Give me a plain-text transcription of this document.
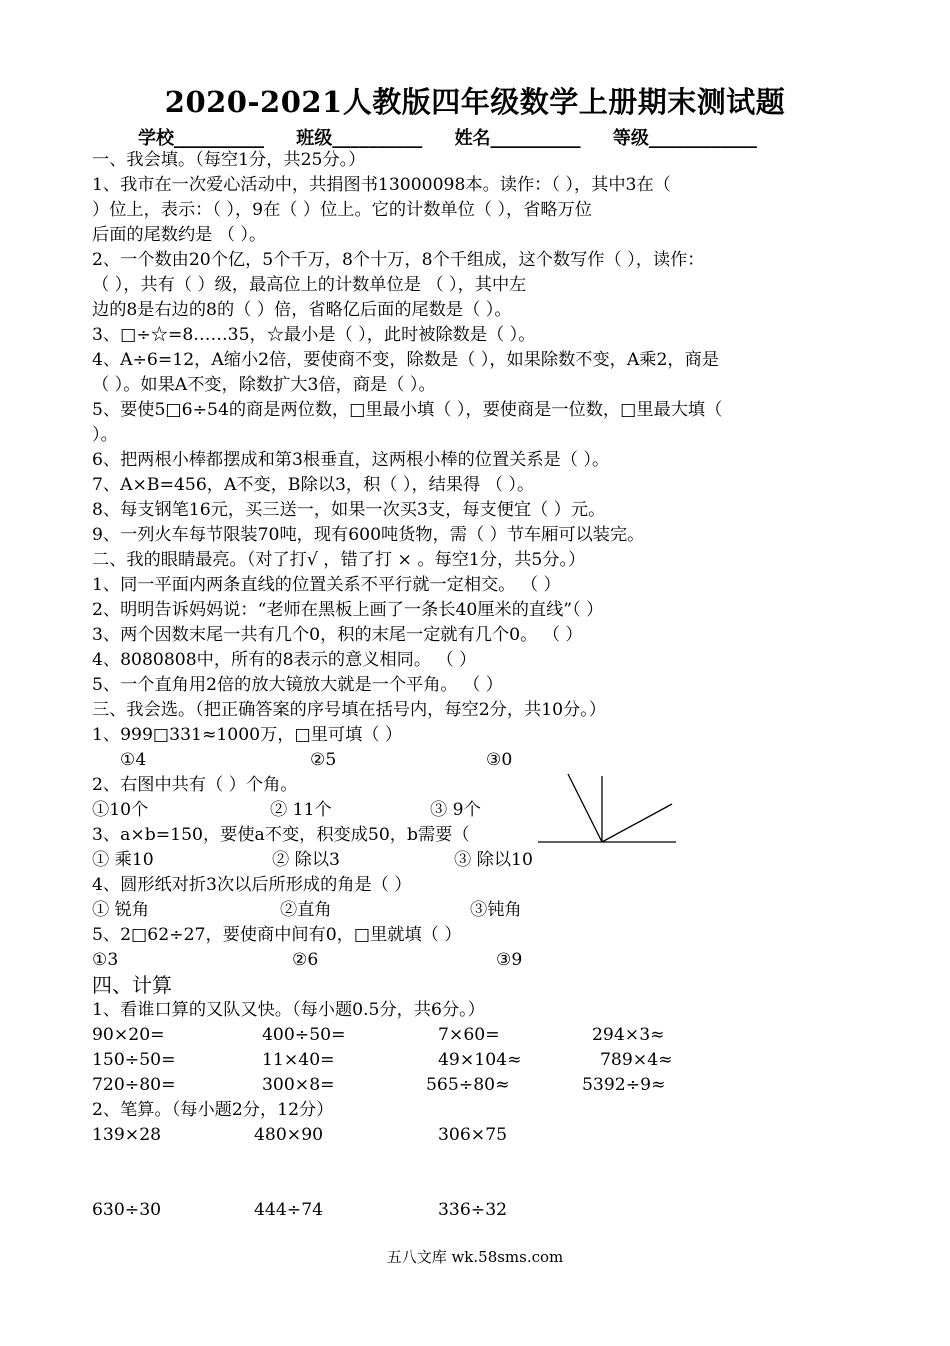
2020-2021人教版四年级数学上册期末测试题
学校__________ 班级__________ 姓名__________ 等级____________
一、我会填。（每空1分，共25分。）
1、我市在一次爱心活动中，共捐图书13000098本。读作：（ ），其中3在（
）位上，表示：（ ），9在（ ）位上。它的计数单位（ ），省略万位
后面的尾数约是 （ ）。
2、一个数由20个亿，5个千万，8个十万，8个千组成，这个数写作（ ），读作：
（ ），共有（ ）级，最高位上的计数单位是 （ ），其中左
边的8是右边的8的（ ）倍，省略亿后面的尾数是（ ）。
3、□÷☆=8……35，☆最小是（ ），此时被除数是（ ）。
4、A÷6=12，A缩小2倍，要使商不变，除数是（ ），如果除数不变，A乘2，商是
（ ）。如果A不变，除数扩大3倍，商是（ ）。
5、要使5□6÷54的商是两位数，□里最小填（ ），要使商是一位数，□里最大填（
）。
6、把两根小棒都摆成和第3根垂直，这两根小棒的位置关系是（ ）。
7、A×B=456，A不变，B除以3，积（ ），结果得 （ ）。
8、每支钢笔16元，买三送一，如果一次买3支，每支便宜（ ）元。
9、一列火车每节限装70吨，现有600吨货物，需（ ）节车厢可以装完。
二、我的眼睛最亮。（对了打√ ，错了打 × 。每空1分，共5分。）
1、同一平面内两条直线的位置关系不平行就一定相交。 （ ）
2、明明告诉妈妈说：“老师在黑板上画了一条长40厘米的直线”（ ）
3、两个因数末尾一共有几个0，积的末尾一定就有几个0。 （ ）
4、8080808中，所有的8表示的意义相同。 （ ）
5、一个直角用2倍的放大镜放大就是一个平角。 （ ）
三、我会选。（把正确答案的序号填在括号内，每空2分，共10分。）
1、999□331≈1000万，□里可填（ ）
①4	②5	③0
2、右图中共有（ ）个角。
①10个	② 11个	③ 9个
3、a×b=150，要使a不变，积变成50，b需要（
① 乘10	② 除以3	③ 除以10
4、圆形纸对折3次以后所形成的角是（ ）
① 锐角	②直角	③钝角
5、2□62÷27，要使商中间有0，□里就填（ ）
①3	②6	③9
四、计算
1、看谁口算的又队又快。（每小题0.5分，共6分。）
90×20=	400÷50=	7×60=	294×3≈
150÷50=	11×40=	49×104≈	789×4≈
720÷80=	300×8=	565÷80≈	5392÷9≈
2、笔算。（每小题2分，12分）
139×28	480×90	306×75
630÷30	444÷74	336÷32
五八文库 wk.58sms.com
